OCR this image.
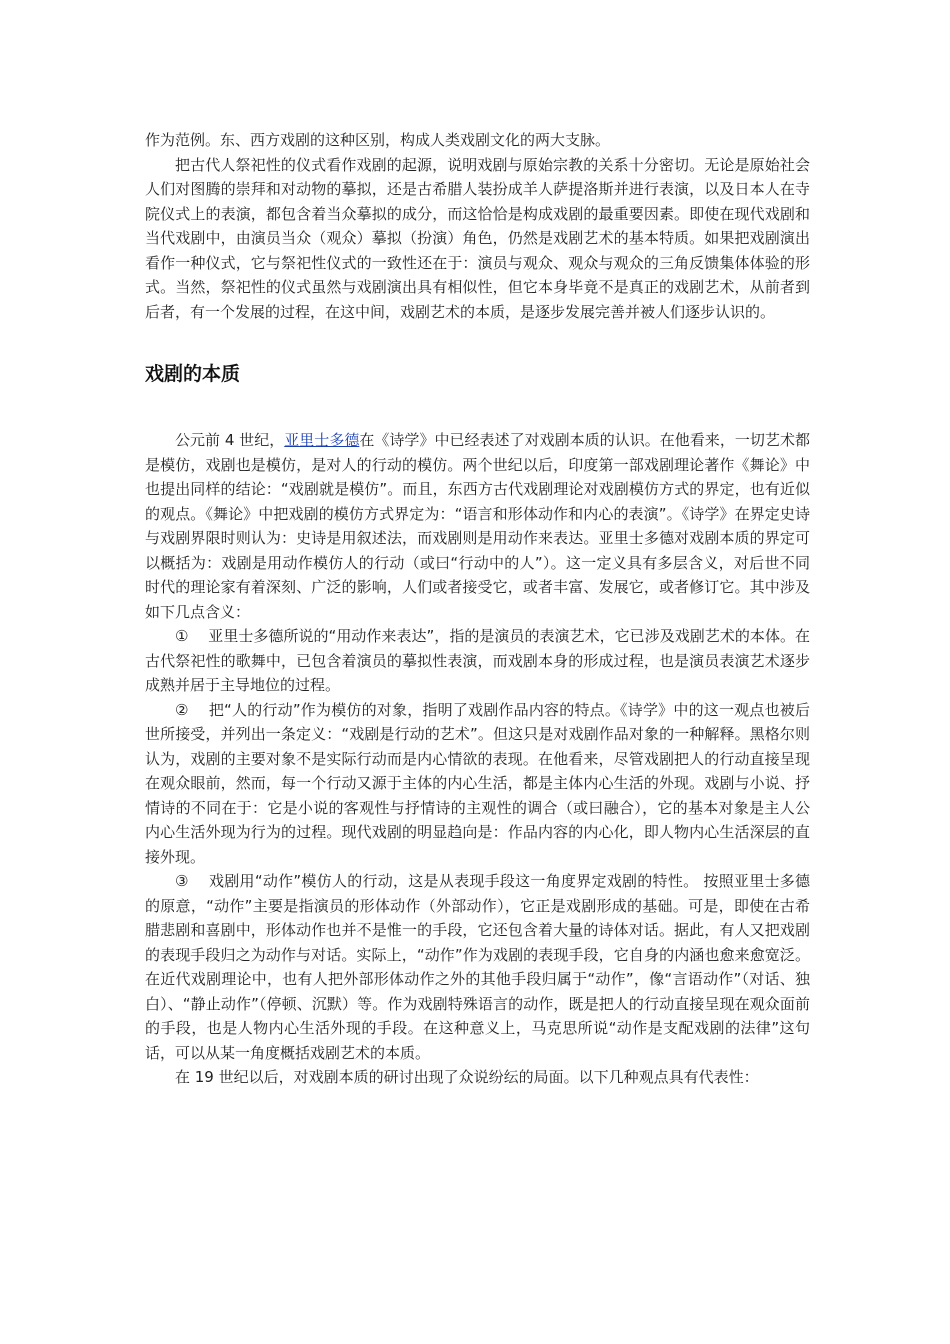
作为范例。东、西方戏剧的这种区别，构成人类戏剧文化的两大支脉。

把古代人祭祀性的仪式看作戏剧的起源，说明戏剧与原始宗教的关系十分密切。无论是原始社会人们对图腾的崇拜和对动物的摹拟，还是古希腊人装扮成羊人萨提洛斯并进行表演，以及日本人在寺院仪式上的表演，都包含着当众摹拟的成分，而这恰恰是构成戏剧的最重要因素。即使在现代戏剧和当代戏剧中，由演员当众（观众）摹拟（扮演）角色，仍然是戏剧艺术的基本特质。如果把戏剧演出看作一种仪式，它与祭祀性仪式的一致性还在于：演员与观众、观众与观众的三角反馈集体体验的形式。当然，祭祀性的仪式虽然与戏剧演出具有相似性，但它本身毕竟不是真正的戏剧艺术，从前者到后者，有一个发展的过程，在这中间，戏剧艺术的本质，是逐步发展完善并被人们逐步认识的。

戏剧的本质

公元前 4 世纪，亚里士多德在《诗学》中已经表述了对戏剧本质的认识。在他看来，一切艺术都是模仿，戏剧也是模仿，是对人的行动的模仿。两个世纪以后，印度第一部戏剧理论著作《舞论》中也提出同样的结论：“戏剧就是模仿”。而且，东西方古代戏剧理论对戏剧模仿方式的界定，也有近似的观点。《舞论》中把戏剧的模仿方式界定为：“语言和形体动作和内心的表演”。《诗学》在界定史诗与戏剧界限时则认为：史诗是用叙述法，而戏剧则是用动作来表达。亚里士多德对戏剧本质的界定可以概括为：戏剧是用动作模仿人的行动（或曰“行动中的人”）。这一定义具有多层含义，对后世不同时代的理论家有着深刻、广泛的影响，人们或者接受它，或者丰富、发展它，或者修订它。其中涉及如下几点含义：

①　 亚里士多德所说的“用动作来表达”，指的是演员的表演艺术，它已涉及戏剧艺术的本体。在古代祭祀性的歌舞中，已包含着演员的摹拟性表演，而戏剧本身的形成过程，也是演员表演艺术逐步成熟并居于主导地位的过程。

②　 把“人的行动”作为模仿的对象，指明了戏剧作品内容的特点。《诗学》中的这一观点也被后世所接受，并列出一条定义：“戏剧是行动的艺术”。但这只是对戏剧作品对象的一种解释。黑格尔则认为，戏剧的主要对象不是实际行动而是内心情欲的表现。在他看来，尽管戏剧把人的行动直接呈现在观众眼前，然而，每一个行动又源于主体的内心生活，都是主体内心生活的外现。戏剧与小说、抒情诗的不同在于：它是小说的客观性与抒情诗的主观性的调合（或曰融合），它的基本对象是主人公内心生活外现为行为的过程。现代戏剧的明显趋向是：作品内容的内心化，即人物内心生活深层的直接外现。

③　 戏剧用“动作”模仿人的行动，这是从表现手段这一角度界定戏剧的特性。 按照亚里士多德的原意，“动作”主要是指演员的形体动作（外部动作），它正是戏剧形成的基础。可是，即使在古希腊悲剧和喜剧中，形体动作也并不是惟一的手段，它还包含着大量的诗体对话。据此，有人又把戏剧的表现手段归之为动作与对话。实际上，“动作”作为戏剧的表现手段，它自身的内涵也愈来愈宽泛。在近代戏剧理论中，也有人把外部形体动作之外的其他手段归属于“动作”，像“言语动作”（对话、独白）、“静止动作”（停顿、沉默）等。作为戏剧特殊语言的动作，既是把人的行动直接呈现在观众面前的手段，也是人物内心生活外现的手段。在这种意义上，马克思所说“动作是支配戏剧的法律”这句话，可以从某一角度概括戏剧艺术的本质。

在 19 世纪以后，对戏剧本质的研讨出现了众说纷纭的局面。以下几种观点具有代表性：
